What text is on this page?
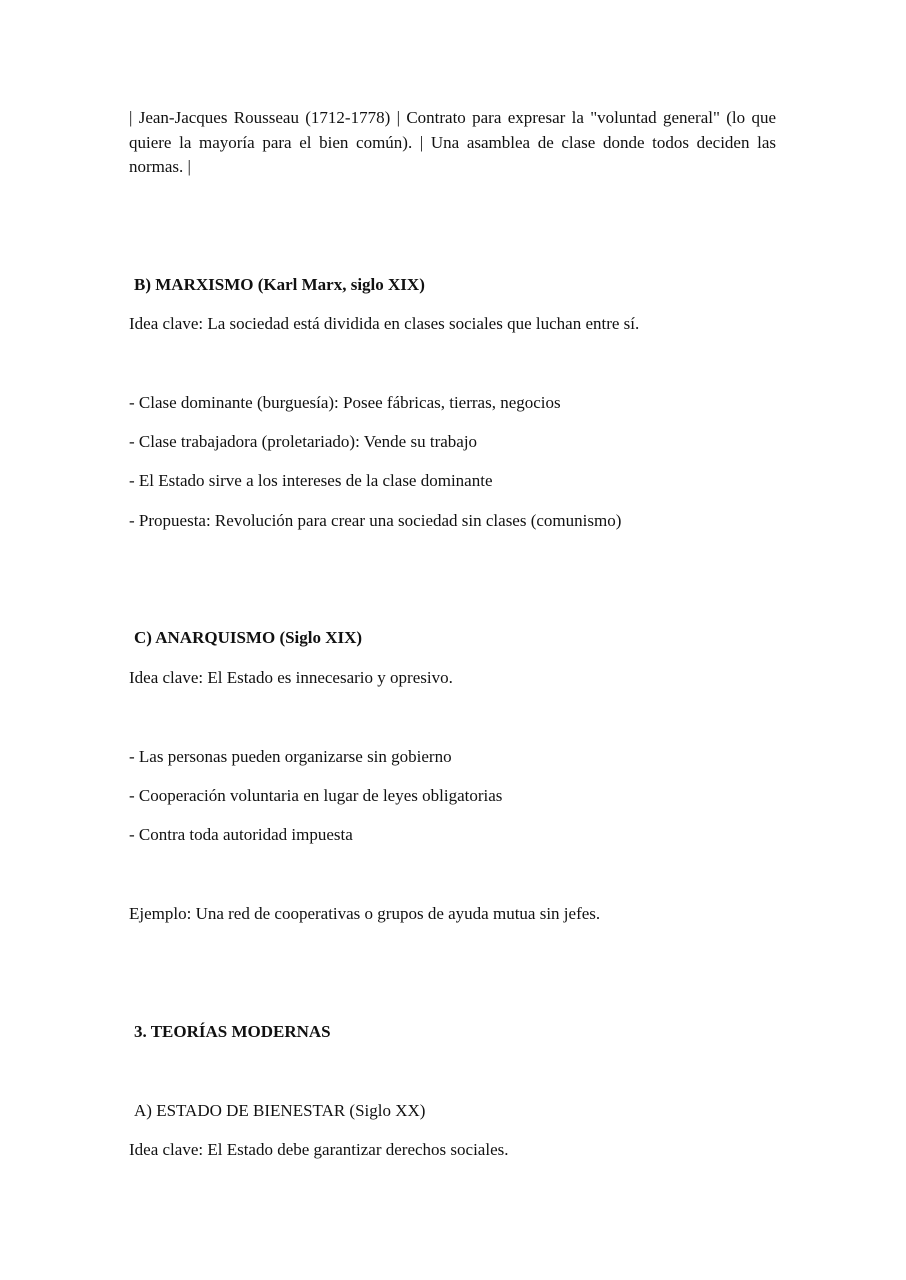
| Jean-Jacques Rousseau (1712-1778) | Contrato para expresar la "voluntad general" (lo que quiere la mayoría para el bien común). | Una asamblea de clase donde todos deciden las normas. |
B) MARXISMO (Karl Marx, siglo XIX)
Idea clave: La sociedad está dividida en clases sociales que luchan entre sí.
- Clase dominante (burguesía): Posee fábricas, tierras, negocios
- Clase trabajadora (proletariado): Vende su trabajo
- El Estado sirve a los intereses de la clase dominante
- Propuesta: Revolución para crear una sociedad sin clases (comunismo)
C) ANARQUISMO (Siglo XIX)
Idea clave: El Estado es innecesario y opresivo.
- Las personas pueden organizarse sin gobierno
- Cooperación voluntaria en lugar de leyes obligatorias
- Contra toda autoridad impuesta
Ejemplo: Una red de cooperativas o grupos de ayuda mutua sin jefes.
3. TEORÍAS MODERNAS
A) ESTADO DE BIENESTAR (Siglo XX)
Idea clave: El Estado debe garantizar derechos sociales.
